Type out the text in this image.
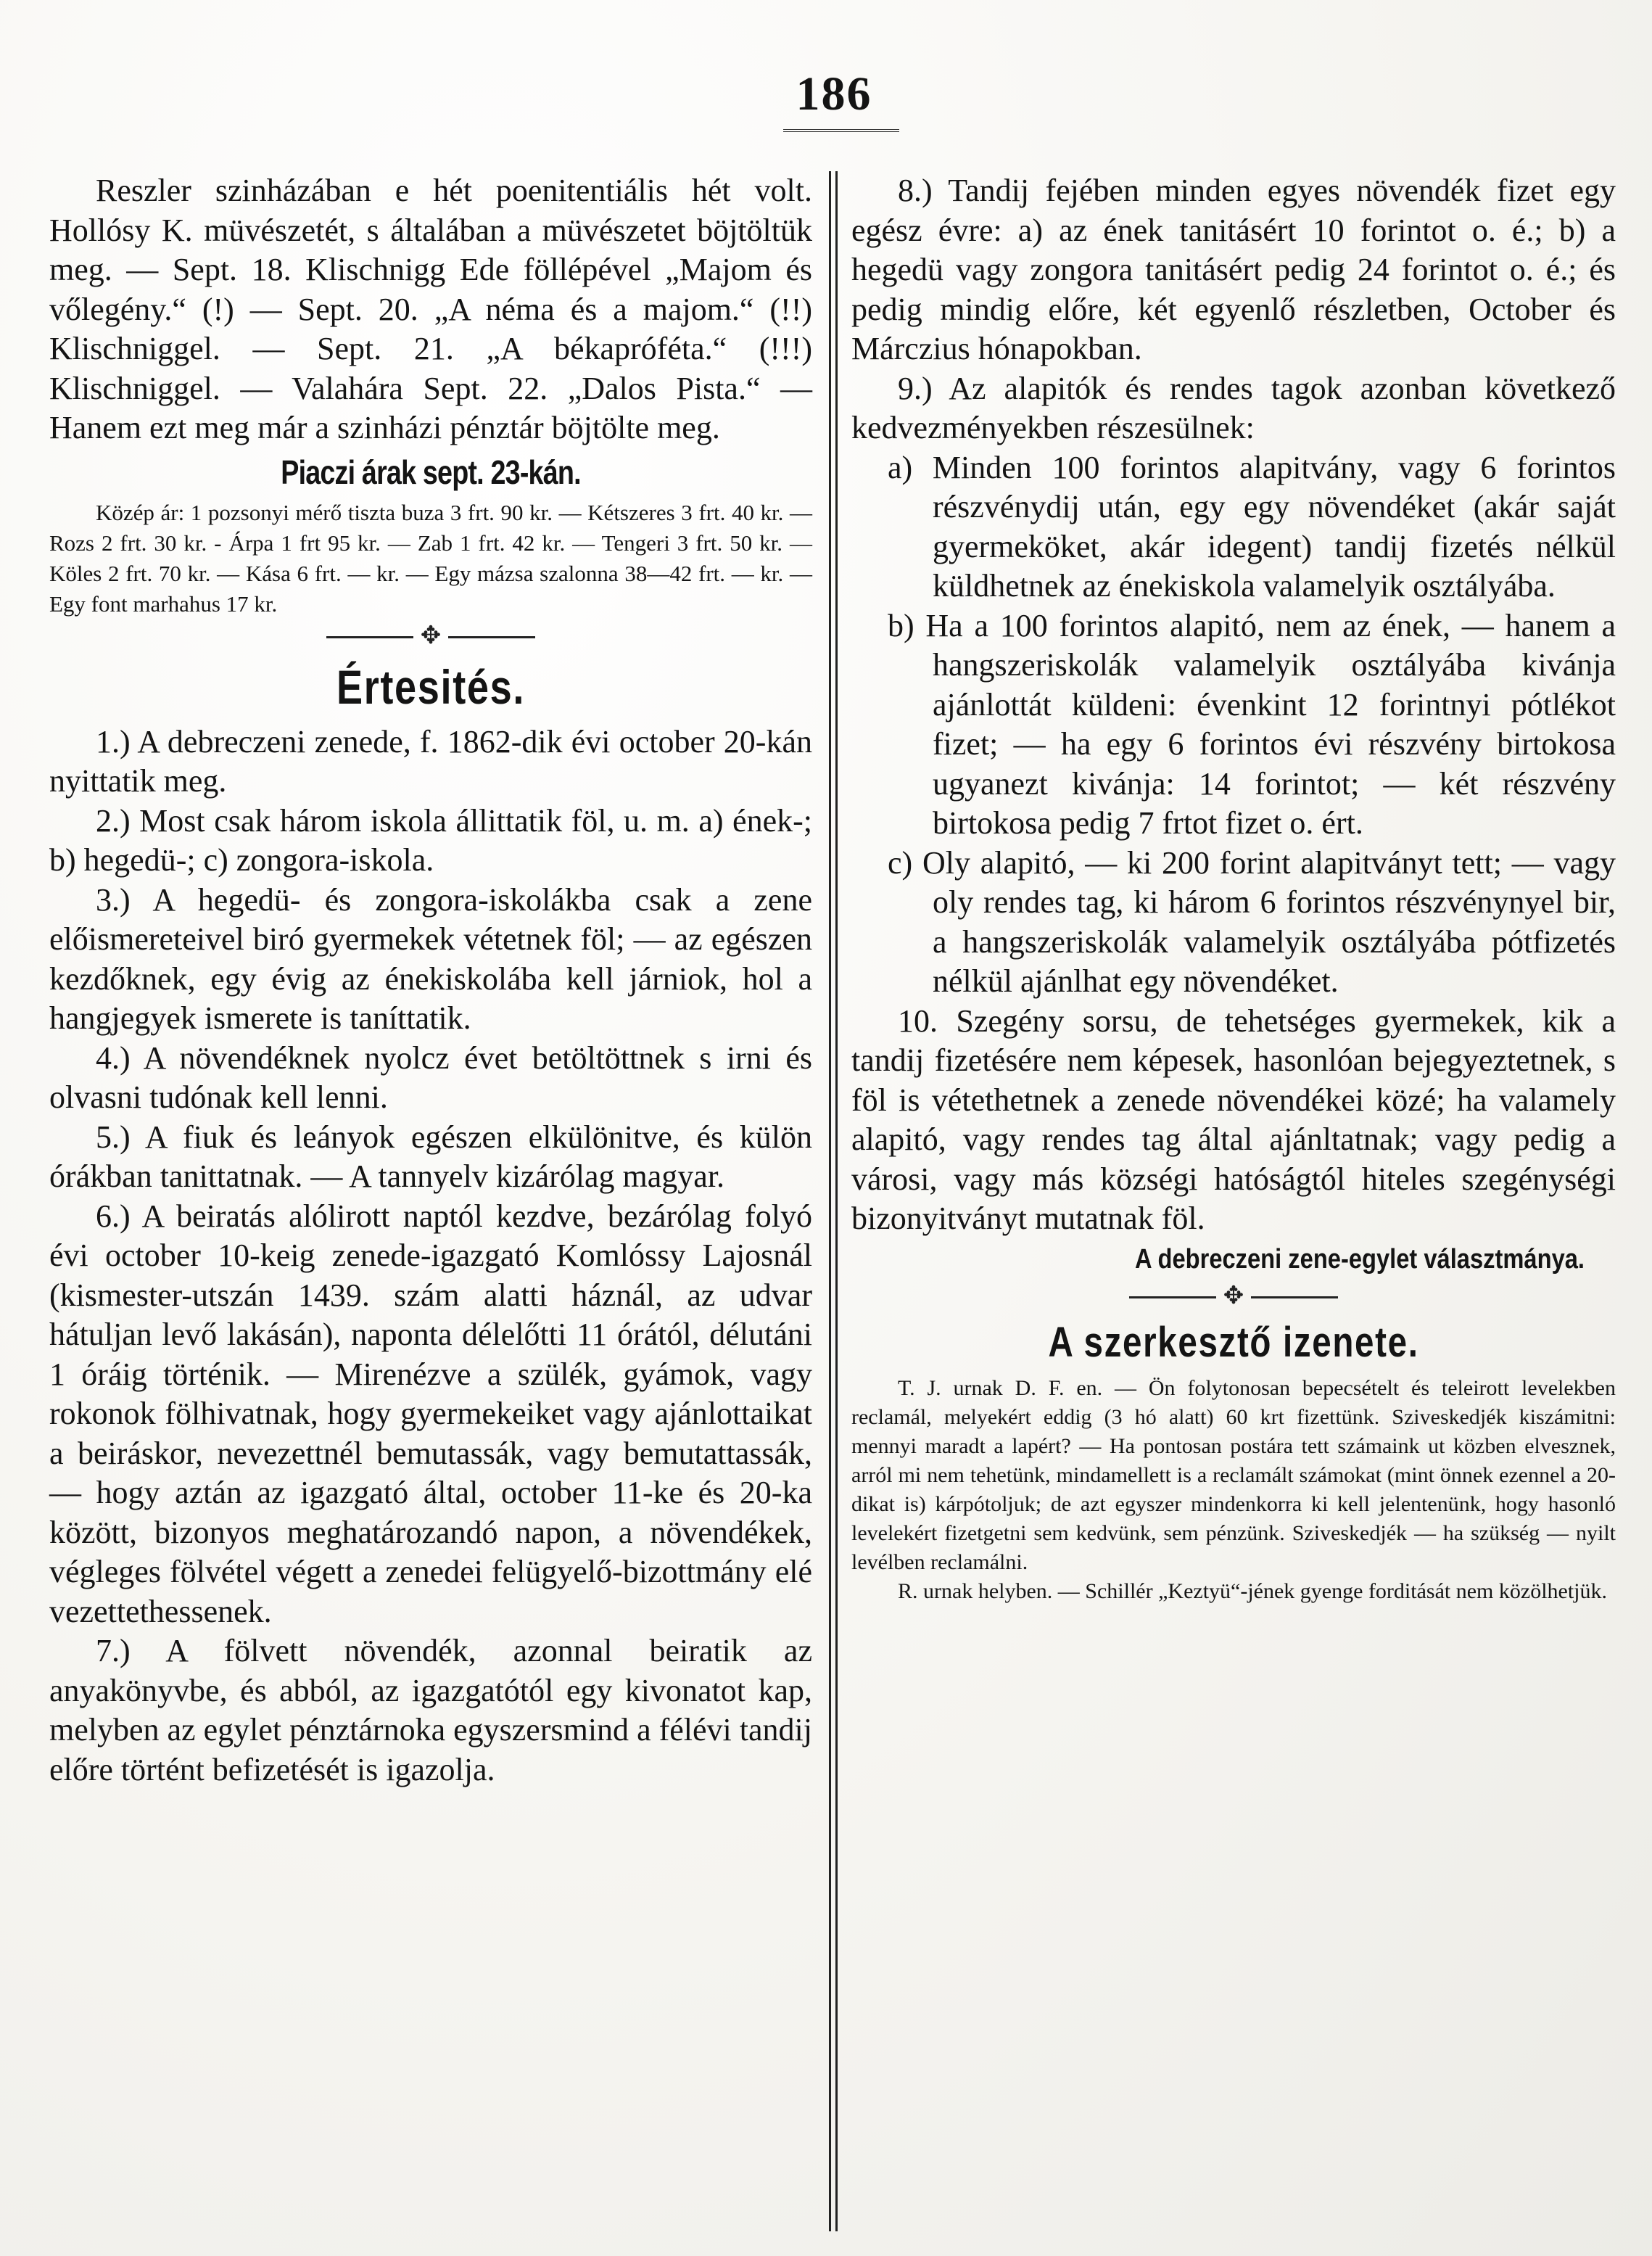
186

Reszler szinházában e hét poenitentiális hét volt. Hollósy K. müvészetét, s általában a müvészetet böjtöltük meg. — Sept. 18. Klischnigg Ede föllépével „Majom és vőlegény.“ (!) — Sept. 20. „A néma és a majom.“ (!!) Klischniggel. — Sept. 21. „A békapróféta.“ (!!!) Klischniggel. — Valahára Sept. 22. „Dalos Pista.“ — Hanem ezt meg már a szinházi pénztár böjtölte meg.

Piaczi árak sept. 23-kán.

Közép ár: 1 pozsonyi mérő tiszta buza 3 frt. 90 kr. — Kétszeres 3 frt. 40 kr. — Rozs 2 frt. 30 kr. - Árpa 1 frt 95 kr. — Zab 1 frt. 42 kr. — Tengeri 3 frt. 50 kr. — Köles 2 frt. 70 kr. — Kása 6 frt. — kr. — Egy mázsa szalonna 38—42 frt. — kr. — Egy font marhahus 17 kr.

✥
Értesités.

1.) A debreczeni zenede, f. 1862-dik évi october 20-kán nyittatik meg.

2.) Most csak három iskola állittatik föl, u. m. a) ének-; b) hegedü-; c) zongora-iskola.

3.) A hegedü- és zongora-iskolákba csak a zene előismereteivel biró gyermekek vétetnek föl; — az egészen kezdőknek, egy évig az énekiskolába kell járniok, hol a hangjegyek ismerete is taníttatik.

4.) A növendéknek nyolcz évet betöltöttnek s irni és olvasni tudónak kell lenni.

5.) A fiuk és leányok egészen elkülönitve, és külön órákban tanittatnak. — A tannyelv kizárólag magyar.

6.) A beiratás alólirott naptól kezdve, bezárólag folyó évi october 10-keig zenede-igazgató Komlóssy Lajosnál (kismester-utszán 1439. szám alatti háznál, az udvar hátuljan levő lakásán), naponta délelőtti 11 órától, délutáni 1 óráig történik. — Mirenézve a szülék, gyámok, vagy rokonok fölhivatnak, hogy gyermekeiket vagy ajánlottaikat a beiráskor, nevezettnél bemutassák, vagy bemutattassák, — hogy aztán az igazgató által, october 11-ke és 20-ka között, bizonyos meghatározandó napon, a növendékek, végleges fölvétel végett a zenedei felügyelő-bizottmány elé vezettethessenek.

7.) A fölvett növendék, azonnal beiratik az anyakönyvbe, és abból, az igazgatótól egy kivonatot kap, melyben az egylet pénztárnoka egyszersmind a félévi tandij előre történt befizetését is igazolja.

8.) Tandij fejében minden egyes növendék fizet egy egész évre: a) az ének tanitásért 10 forintot o. é.; b) a hegedü vagy zongora tanitásért pedig 24 forintot o. é.; és pedig mindig előre, két egyenlő részletben, October és Márczius hónapokban.

9.) Az alapitók és rendes tagok azonban következő kedvezményekben részesülnek:

a) Minden 100 forintos alapitvány, vagy 6 forintos részvénydij után, egy egy növendéket (akár saját gyermeköket, akár idegent) tandij fizetés nélkül küldhetnek az énekiskola valamelyik osztályába.

b) Ha a 100 forintos alapitó, nem az ének, — hanem a hangszeriskolák valamelyik osztályába kivánja ajánlottát küldeni: évenkint 12 forintnyi pótlékot fizet; — ha egy 6 forintos évi részvény birtokosa ugyanezt kivánja: 14 forintot; — két részvény birtokosa pedig 7 frtot fizet o. ért.

c) Oly alapitó, — ki 200 forint alapitványt tett; — vagy oly rendes tag, ki három 6 forintos részvénynyel bir, a hangszeriskolák valamelyik osztályába pótfizetés nélkül ajánlhat egy növendéket.

10. Szegény sorsu, de tehetséges gyermekek, kik a tandij fizetésére nem képesek, hasonlóan bejegyeztetnek, s föl is vétethetnek a zenede növendékei közé; ha valamely alapitó, vagy rendes tag által ajánltatnak; vagy pedig a városi, vagy más községi hatóságtól hiteles szegénységi bizonyitványt mutatnak föl.

A debreczeni zene-egylet választmánya.
✥
A szerkesztő izenete.

T. J. urnak D. F. en. — Ön folytonosan bepecsételt és teleirott levelekben reclamál, melyekért eddig (3 hó alatt) 60 krt fizettünk. Sziveskedjék kiszámitni: mennyi maradt a lapért? — Ha pontosan postára tett számaink ut közben elvesznek, arról mi nem tehetünk, mindamellett is a reclamált számokat (mint önnek ezennel a 20-dikat is) kárpótoljuk; de azt egyszer mindenkorra ki kell jelentenünk, hogy hasonló levelekért fizetgetni sem kedvünk, sem pénzünk. Sziveskedjék — ha szükség — nyilt levélben reclamálni.

R. urnak helyben. — Schillér „Keztyü“-jének gyenge forditását nem közölhetjük.
